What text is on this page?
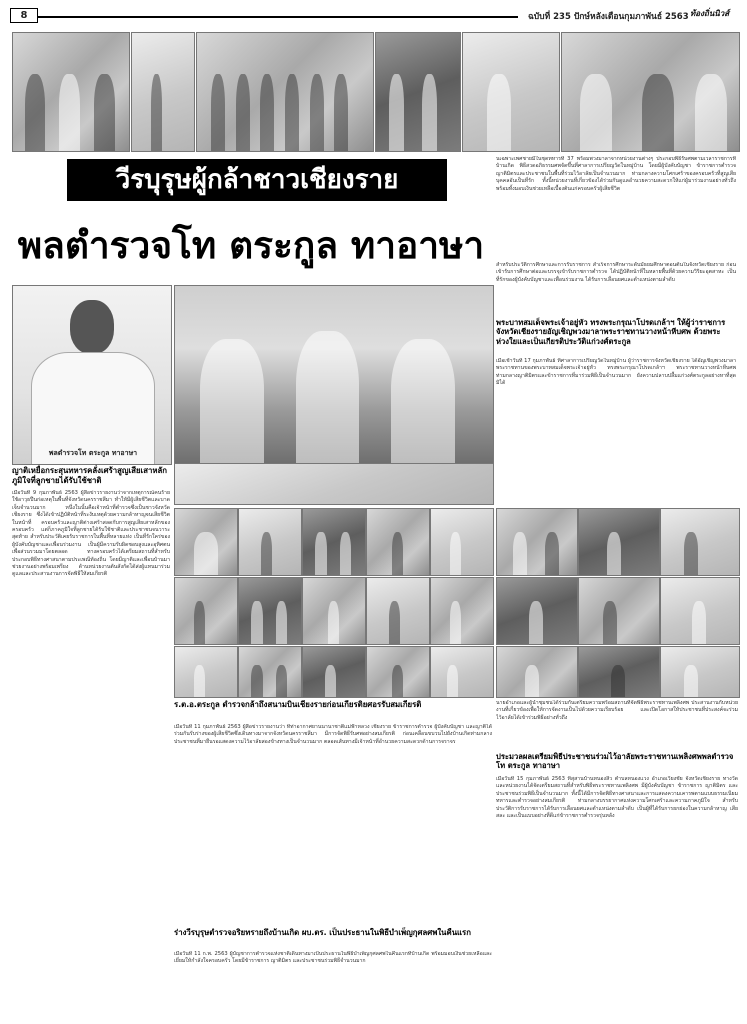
8	ฉบับที่ 235 ปักษ์หลังเดือนกุมภาพันธ์ 2563 ท้องถิ่นนิวส์
วีรบุรุษผู้กล้าชาวเชียงราย
พลตำรวจโท ตระกูล ทาอาษา
นเฉพาะเพศชายมีในชุดทหารที่ 37 พร้อมพวงมาลาจากหน่วยงานต่างๆ ประกอบพิธีรับศพตามเวลาราชการที่บ้านเกิด พิธีสวดอภิธรรมศพจัดขึ้นที่ศาลาการเปรียญวัดในหมู่บ้าน โดยมีผู้บังคับบัญชา ข้าราชการตำรวจ ญาติมิตรและประชาชนในพื้นที่ร่วมไว้อาลัยเป็นจำนวนมาก ท่ามกลางความโศกเศร้าของครอบครัวที่สูญเสียบุคคลอันเป็นที่รัก ทั้งนี้หน่วยงานที่เกี่ยวข้องได้ร่วมกันดูแลอำนวยความสะดวกให้แก่ผู้มาร่วมงานอย่างทั่วถึง พร้อมทั้งมอบเงินช่วยเหลือเบื้องต้นแก่ครอบครัวผู้เสียชีวิต
สำหรับประวัติการศึกษาและการรับราชการ สำเร็จการศึกษาระดับมัธยมศึกษาตอนต้นในจังหวัดเชียงราย ก่อนเข้ารับการศึกษาต่อและบรรจุเข้ารับราชการตำรวจ ได้ปฏิบัติหน้าที่ในหลายพื้นที่ด้วยความวิริยะอุตสาหะ เป็นที่รักของผู้บังคับบัญชาและเพื่อนร่วมงาน ได้รับการเลื่อนยศและตำแหน่งตามลำดับ
พลตำรวจโท ตระกูล ทาอาษา
พระบาทสมเด็จพระเจ้าอยู่หัว ทรงพระกรุณาโปรดเกล้าฯ ให้ผู้ว่าราชการจังหวัดเชียงรายอัญเชิญพวงมาลาพระราชทานวางหน้าหีบศพ ด้วยพระห่วงใยและเป็นเกียรติประวัติแก่วงศ์ตระกูล
เมื่อเช้าวันที่ 17 กุมภาพันธ์ ที่ศาลาการเปรียญวัดในหมู่บ้าน ผู้ว่าราชการจังหวัดเชียงราย ได้อัญเชิญพวงมาลาพระราชทานของพระบาทสมเด็จพระเจ้าอยู่หัว ทรงพระกรุณาโปรดเกล้าฯ พระราชทานวางหน้าหีบศพ ท่ามกลางญาติมิตรและข้าราชการที่มาร่วมพิธีเป็นจำนวนมาก ยังความปลาบปลื้มแก่วงศ์ตระกูลอย่างหาที่สุดมิได้
ญาติเหยื่อกระสุนทหารคลั่งเศร้าสูญเสียเสาหลัก ภูมิใจที่ลูกชายได้รับใช้ชาติ
เมื่อวันที่ 9 กุมภาพันธ์ 2563 ผู้สื่อข่าวรายงานว่าจากเหตุการณ์คนร้ายใช้อาวุธปืนก่อเหตุในพื้นที่จังหวัดนครราชสีมา ทำให้มีผู้เสียชีวิตและบาดเจ็บจำนวนมาก หนึ่งในนั้นคือเจ้าหน้าที่ตำรวจซึ่งเป็นชาวจังหวัดเชียงราย ซึ่งได้เข้าปฏิบัติหน้าที่ระงับเหตุด้วยความกล้าหาญจนเสียชีวิตในหน้าที่ ครอบครัวและญาติต่างเศร้าสลดกับการสูญเสียเสาหลักของครอบครัว แต่ก็ภาคภูมิใจที่ลูกชายได้รับใช้ชาติและประชาชนจนวาระสุดท้าย สำหรับประวัติเคยรับราชการในพื้นที่หลายแห่ง เป็นที่รักใคร่ของผู้บังคับบัญชาและเพื่อนร่วมงาน เป็นผู้มีความรับผิดชอบสูงและอุทิศตนเพื่อส่วนรวมมาโดยตลอด ทางครอบครัวได้เตรียมสถานที่สำหรับประกอบพิธีทางศาสนาตามประเพณีท้องถิ่น โดยมีญาติและเพื่อนบ้านมาช่วยงานอย่างพร้อมเพรียง ด้านหน่วยงานต้นสังกัดได้ส่งผู้แทนมาร่วมดูแลและประสานงานการจัดพิธีให้สมเกียรติ
ร.ต.อ.ตระกูล ดำรวจกล้าถึงสนามบินเชียงรายก่อนเกียรติยศอรรับสมเกียรติ
เมื่อวันที่ 11 กุมภาพันธ์ 2563 ผู้สื่อข่าวรายงานว่า ที่ท่าอากาศยานนานาชาติแม่ฟ้าหลวง เชียงราย ข้าราชการตำรวจ ผู้บังคับบัญชา และญาติได้ร่วมกันรับร่างของผู้เสียชีวิตซึ่งเดินทางมาจากจังหวัดนครราชสีมา มีการจัดพิธีรับศพอย่างสมเกียรติ ก่อนเคลื่อนขบวนไปยังบ้านเกิดท่ามกลางประชาชนที่มายืนรอแสดงความไว้อาลัยสองข้างทางเป็นจำนวนมาก ตลอดเส้นทางมีเจ้าหน้าที่อำนวยความสะดวกด้านการจราจร
ร่างวีรบุรุษตำรวจอริยทรายถึงบ้านเกิด ผบ.ตร. เป็นประธานในพิธีบำเพ็ญกุศลศพในคืนแรก
เมื่อวันที่ 11 ก.พ. 2563 ผู้บัญชาการตำรวจแห่งชาติเดินทางมาเป็นประธานในพิธีบำเพ็ญกุศลศพในคืนแรกที่บ้านเกิด พร้อมมอบเงินช่วยเหลือและเยี่ยมให้กำลังใจครอบครัว โดยมีข้าราชการ ญาติมิตร และประชาชนร่วมพิธีจำนวนมาก
นายอำเภอและผู้นำชุมชนได้ร่วมกันเตรียมความพร้อมสถานที่จัดพิธีพระราชทานเพลิงศพ ประสานงานกับหน่วยงานที่เกี่ยวข้องเพื่อให้การจัดงานเป็นไปด้วยความเรียบร้อย และเปิดโอกาสให้ประชาชนที่ประสงค์จะร่วมไว้อาลัยได้เข้าร่วมพิธีอย่างทั่วถึง
ประมวลผลเตรียมพิธีประชาชนร่วมไว้อาลัยพระราชทานเพลิงศพพลตำรวจโท ตระกูล ทาอาษา
เมื่อวันที่ 15 กุมภาพันธ์ 2563 ที่สุสานบ้านหนองสิ่ว ตำบลหนองแวง อำเภอเวียงชัย จังหวัดเชียงราย ทางวัดและหน่วยงานได้จัดเตรียมสถานที่สำหรับพิธีพระราชทานเพลิงศพ มีผู้บังคับบัญชา ข้าราชการ ญาติมิตร และประชาชนร่วมพิธีเป็นจำนวนมาก ทั้งนี้ได้มีการจัดพิธีทางศาสนาและการแสดงความเคารพตามแบบธรรมเนียมทหารและตำรวจอย่างสมเกียรติ ท่ามกลางบรรยากาศแห่งความโศกเศร้าและความภาคภูมิใจ สำหรับประวัติการรับราชการได้รับการเลื่อนยศและตำแหน่งตามลำดับ เป็นผู้ที่ได้รับการยกย่องในความกล้าหาญ เสียสละ และเป็นแบบอย่างที่ดีแก่ข้าราชการตำรวจรุ่นหลัง
